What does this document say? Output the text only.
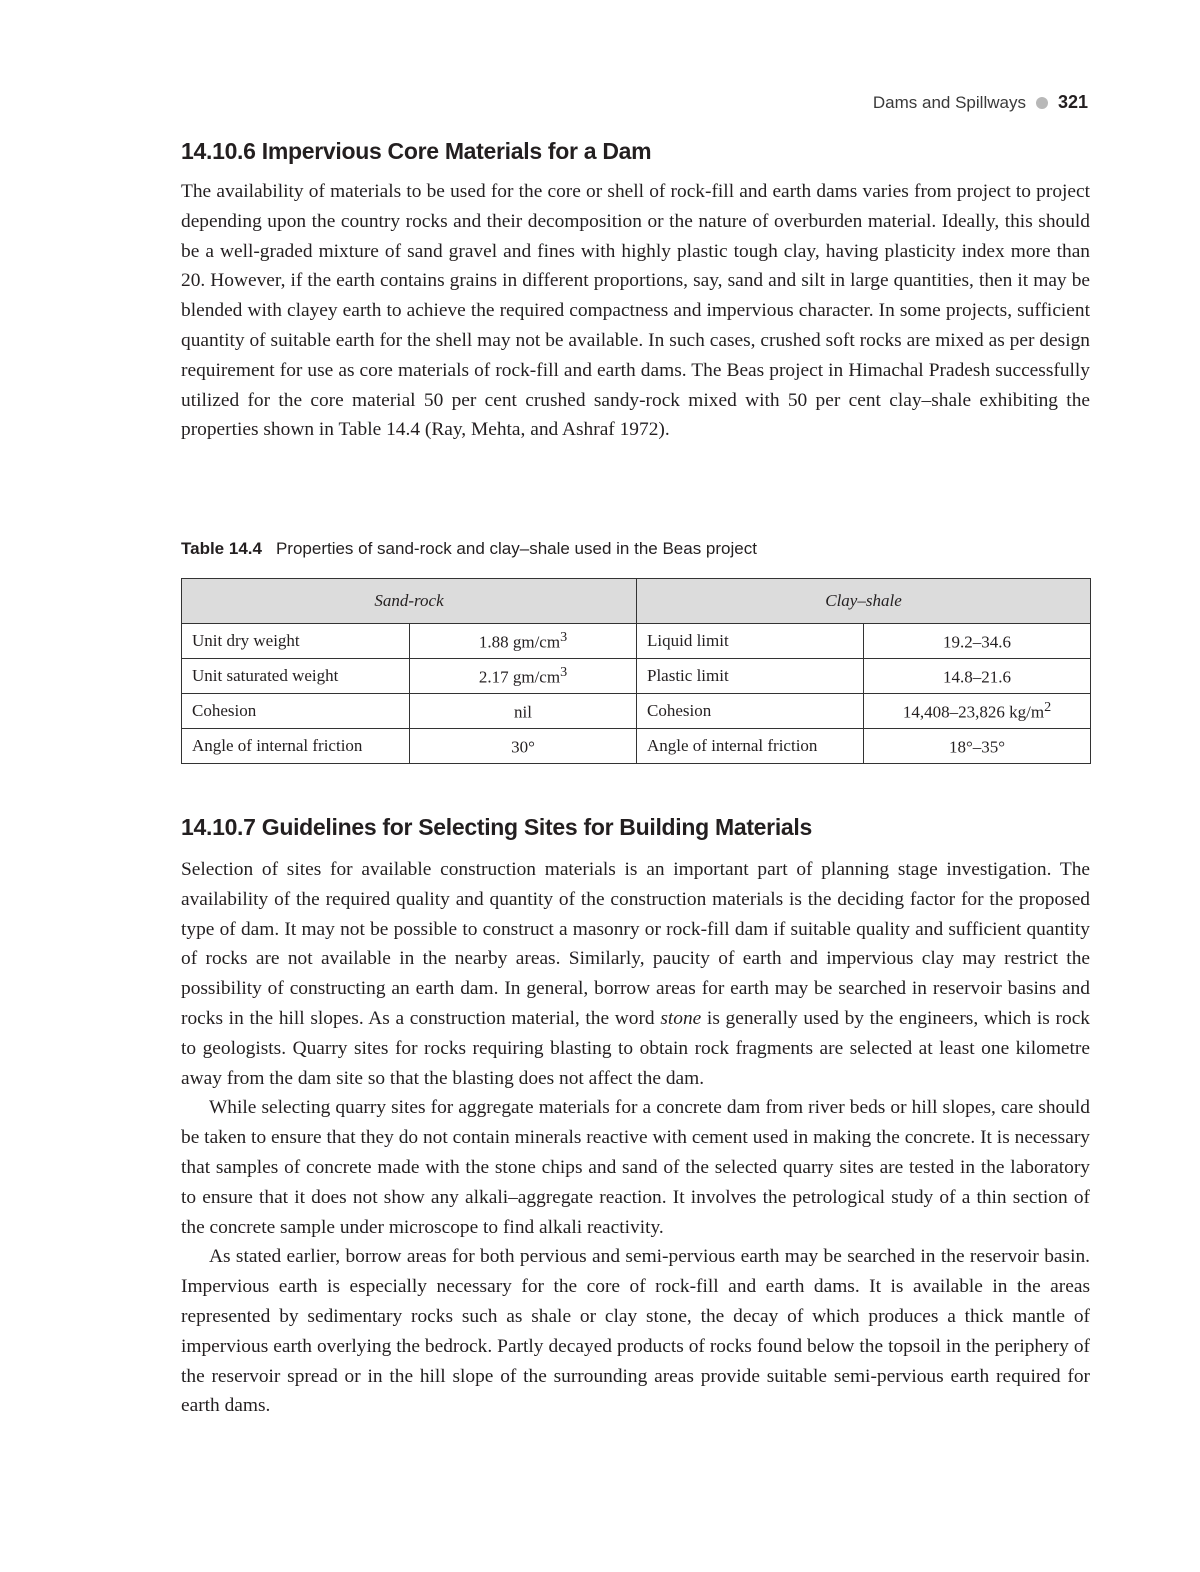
Dams and Spillways 321
14.10.6 Impervious Core Materials for a Dam

The availability of materials to be used for the core or shell of rock-fill and earth dams varies from project to project depending upon the country rocks and their decomposition or the nature of overburden material. Ideally, this should be a well-graded mixture of sand gravel and fines with highly plastic tough clay, having plasticity index more than 20. However, if the earth contains grains in different proportions, say, sand and silt in large quantities, then it may be blended with clayey earth to achieve the required compactness and impervious character. In some projects, sufficient quantity of suitable earth for the shell may not be available. In such cases, crushed soft rocks are mixed as per design requirement for use as core materials of rock-fill and earth dams. The Beas project in Himachal Pradesh successfully utilized for the core material 50 per cent crushed sandy-rock mixed with 50 per cent clay–shale exhibiting the properties shown in Table 14.4 (Ray, Mehta, and Ashraf 1972).

Table 14.4 Properties of sand-rock and clay–shale used in the Beas project
Sand-rock		Clay–shale	
Unit dry weight	1.88 $gm/cm^3$	Liquid limit	19.2–34.6
Unit saturated weight	2.17 $gm/cm^3$	Plastic limit	14.8–21.6
Cohesion	nil	Cohesion	14,408–23,826 $kg/m^2$
Angle of internal friction	30°	Angle of internal friction	18°–35°
14.10.7 Guidelines for Selecting Sites for Building Materials

Selection of sites for available construction materials is an important part of planning stage investigation. The availability of the required quality and quantity of the construction materials is the deciding factor for the proposed type of dam. It may not be possible to construct a masonry or rock-fill dam if suitable quality and sufficient quantity of rocks are not available in the nearby areas. Similarly, paucity of earth and impervious clay may restrict the possibility of constructing an earth dam. In general, borrow areas for earth may be searched in reservoir basins and rocks in the hill slopes. As a construction material, the word stone is generally used by the engineers, which is rock to geologists. Quarry sites for rocks requiring blasting to obtain rock fragments are selected at least one kilometre away from the dam site so that the blasting does not affect the dam.

While selecting quarry sites for aggregate materials for a concrete dam from river beds or hill slopes, care should be taken to ensure that they do not contain minerals reactive with cement used in making the concrete. It is necessary that samples of concrete made with the stone chips and sand of the selected quarry sites are tested in the laboratory to ensure that it does not show any alkali–aggregate reaction. It involves the petrological study of a thin section of the concrete sample under microscope to find alkali reactivity.

As stated earlier, borrow areas for both pervious and semi-pervious earth may be searched in the reservoir basin. Impervious earth is especially necessary for the core of rock-fill and earth dams. It is available in the areas represented by sedimentary rocks such as shale or clay stone, the decay of which produces a thick mantle of impervious earth overlying the bedrock. Partly decayed products of rocks found below the topsoil in the periphery of the reservoir spread or in the hill slope of the surrounding areas provide suitable semi-pervious earth required for earth dams.
